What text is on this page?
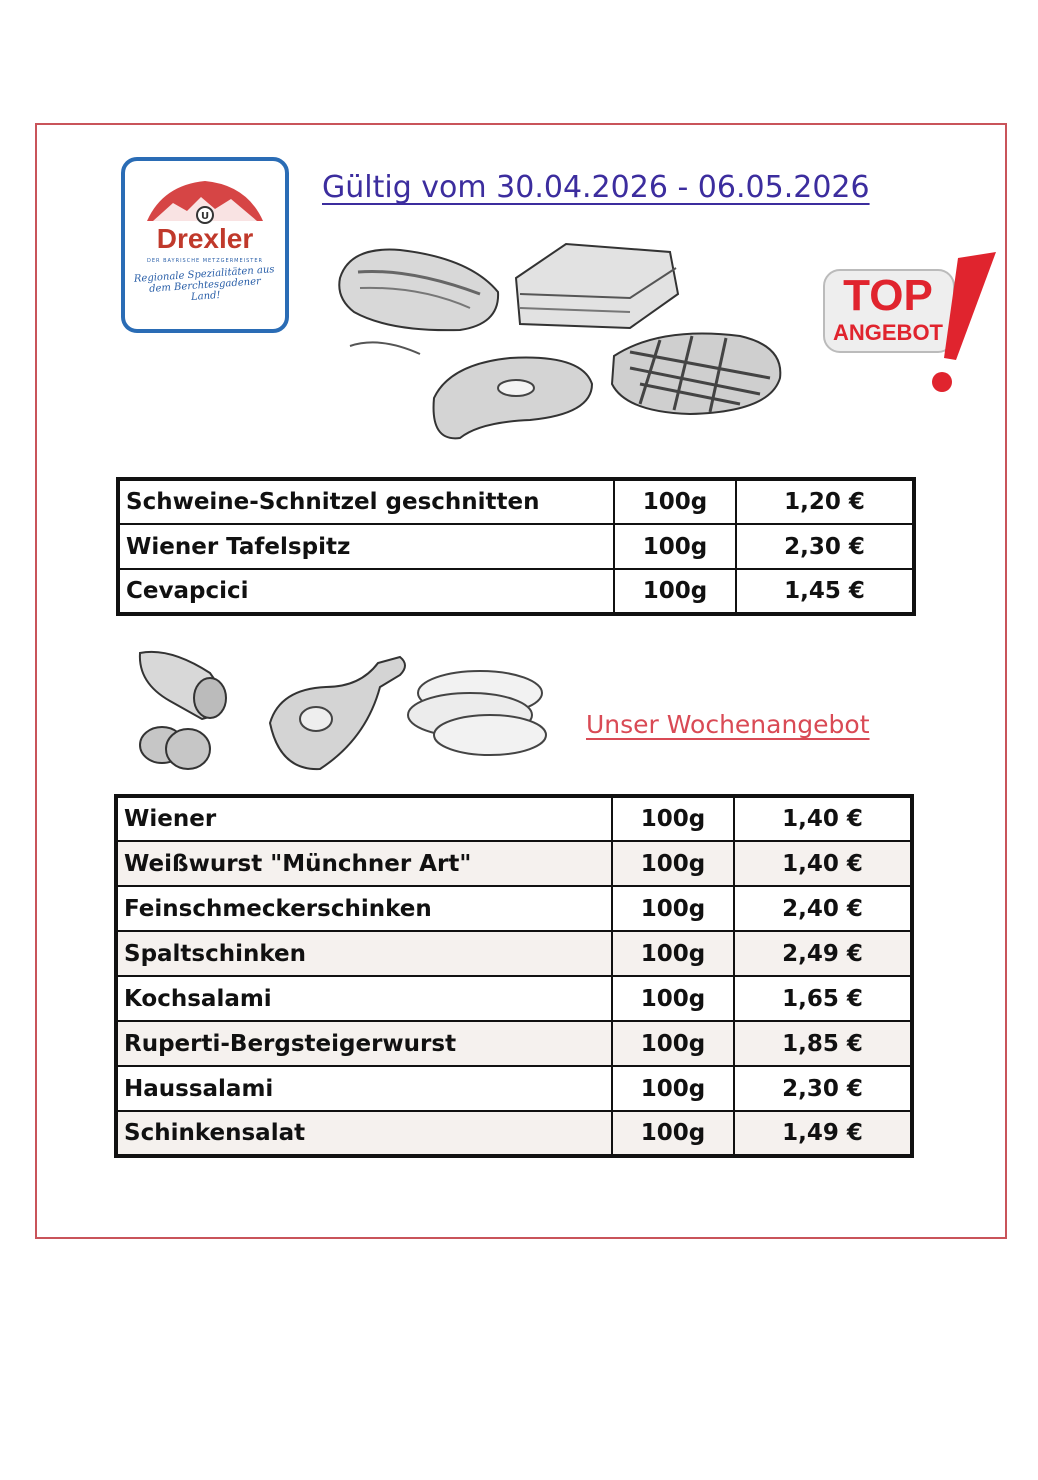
U
Drexler
DER BAYRISCHE METZGERMEISTER
Regionale Spezialitäten aus dem Berchtesgadener Land!
Gültig vom 30.04.2026 - 06.05.2026
TOP
ANGEBOT
Schweine-Schnitzel geschnitten	100g	1,20 €
Wiener Tafelspitz	100g	2,30 €
Cevapcici	100g	1,45 €
Unser Wochenangebot
Wiener	100g	1,40 €
Weißwurst "Münchner Art"	100g	1,40 €
Feinschmeckerschinken	100g	2,40 €
Spaltschinken	100g	2,49 €
Kochsalami	100g	1,65 €
Ruperti-Bergsteigerwurst	100g	1,85 €
Haussalami	100g	2,30 €
Schinkensalat	100g	1,49 €
